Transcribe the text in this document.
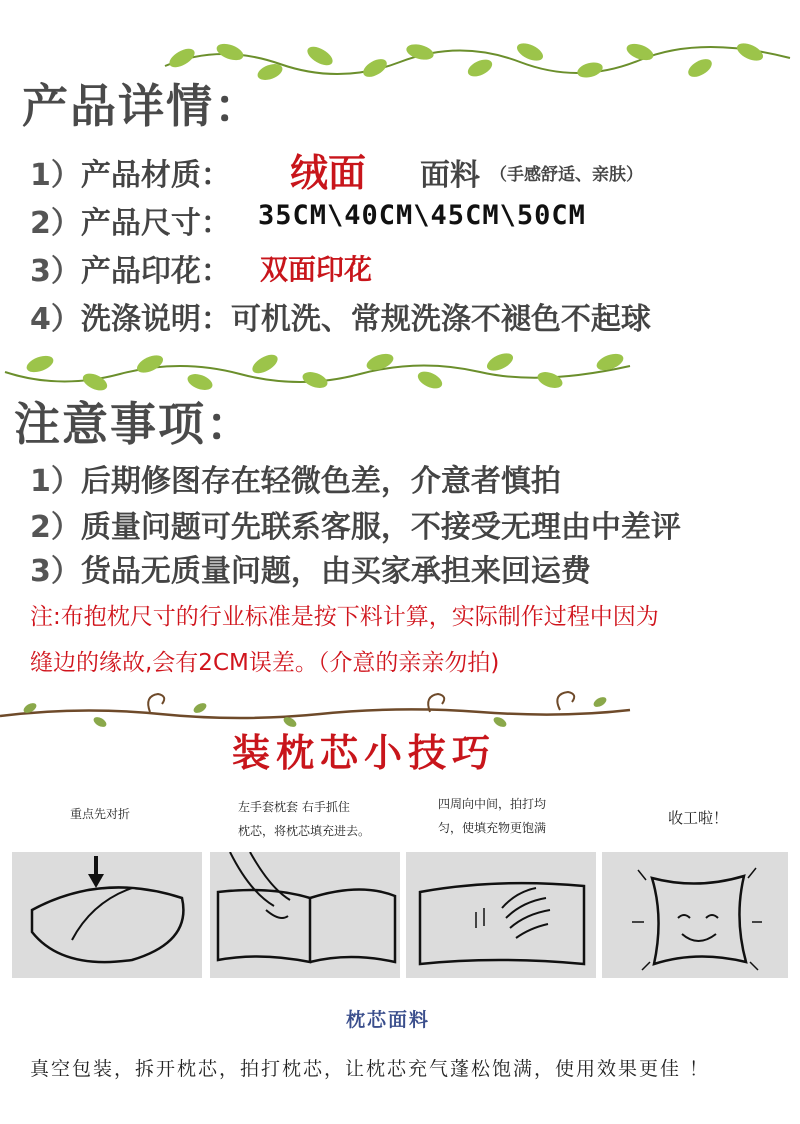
产品详情：
1）产品材质： 绒面 面料 （手感舒适、亲肤）
2）产品尺寸： 35CM\40CM\45CM\50CM
3）产品印花： 双面印花
4）洗涤说明：可机洗、常规洗涤不褪色不起球
注意事项：
1）后期修图存在轻微色差，介意者慎拍
2）质量问题可先联系客服，不接受无理由中差评
3）货品无质量问题，由买家承担来回运费
注:布抱枕尺寸的行业标准是按下料计算，实际制作过程中因为
缝边的缘故,会有2CM误差。（介意的亲亲勿拍)
装枕芯小技巧
重点先对折	左手套枕套 右手抓住
枕芯，将枕芯填充进去。
四周向中间，拍打均
匀，使填充物更饱满
收工啦！
枕芯面料
真空包装，拆开枕芯，拍打枕芯，让枕芯充气蓬松饱满，使用效果更佳 ！
